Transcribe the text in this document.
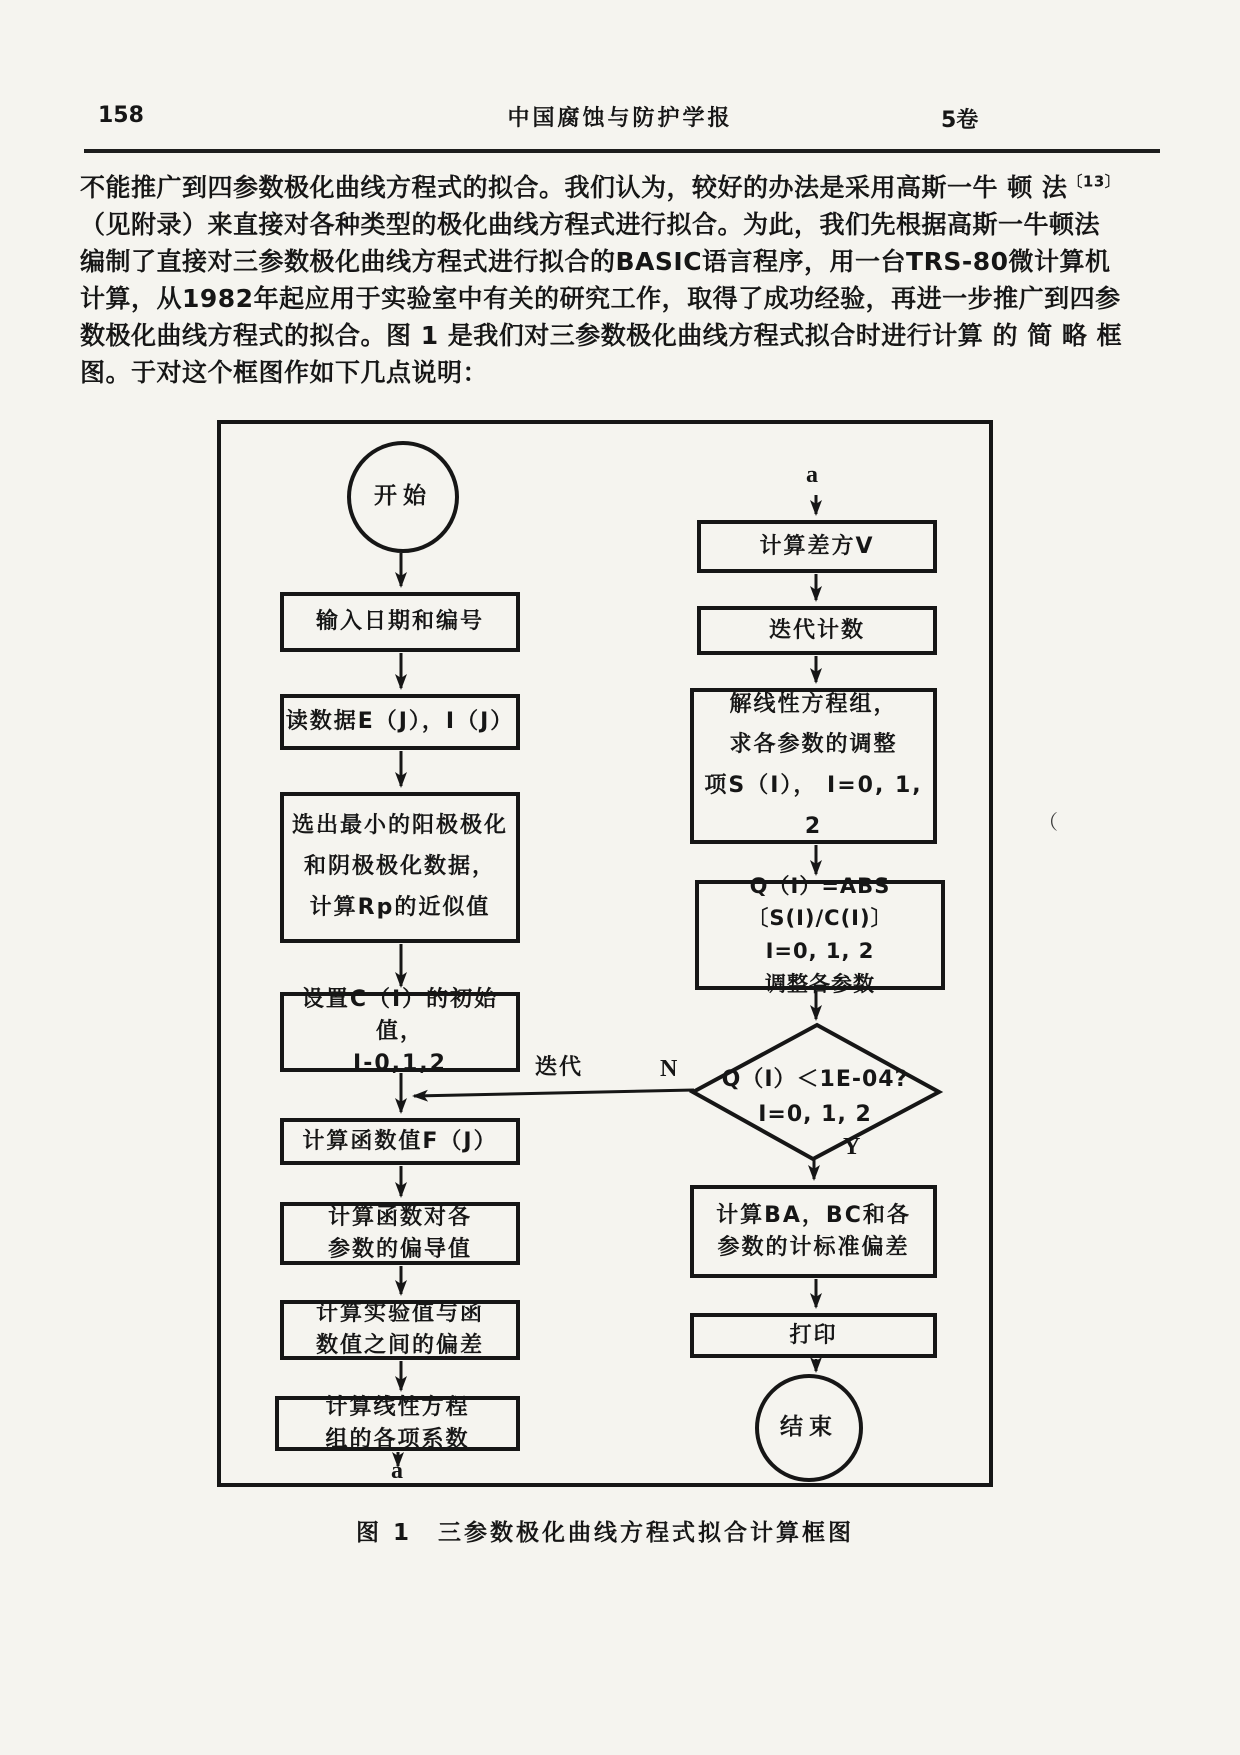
158	中国腐蚀与防护学报	5卷
不能推广到四参数极化曲线方程式的拟合。我们认为，较好的办法是采用高斯一牛 顿 法$^{〔13〕}$
（见附录）来直接对各种类型的极化曲线方程式进行拟合。为此，我们先根据高斯一牛顿法
编制了直接对三参数极化曲线方程式进行拟合的BASIC语言程序，用一台TRS-80微计算机
计算，从1982年起应用于实验室中有关的研究工作，取得了成功经验，再进一步推广到四参
数极化曲线方程式的拟合。图 1 是我们对三参数极化曲线方程式拟合时进行计算 的 简 略 框
图。于对这个框图作如下几点说明：
开始
输入日期和编号
读数据E（J），I（J）
选出最小的阳极极化
和阴极极化数据，
计算Rp的近似值
设置C（I）的初始值，
I-0,1,2
计算函数值F（J）
计算函数对各
参数的偏导值
计算实验值与函
数值之间的偏差
计算线性方程
组的各项系数
计算差方V
迭代计数
解线性方程组，
求各参数的调整
项S（I）， I=0, 1, 2
Q（I）=ABS〔S(I)/C(I)〕
I=0, 1, 2
调整各参数
Q（I）＜1E-04?
I=0, 1, 2
计算BA，BC和各
参数的计标准偏差
打印
结束
a
a
N
Y
迭代
（
图 1　三参数极化曲线方程式拟合计算框图
